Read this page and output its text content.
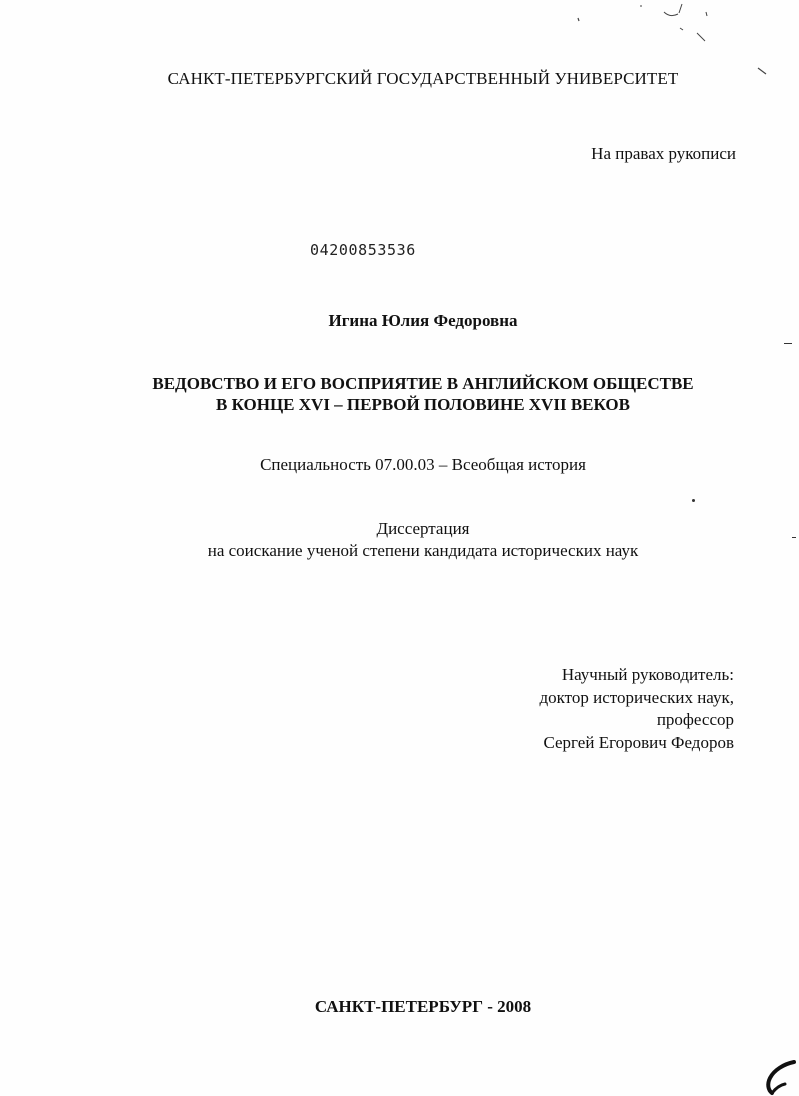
САНКТ-ПЕТЕРБУРГСКИЙ ГОСУДАРСТВЕННЫЙ УНИВЕРСИТЕТ
На правах рукописи
04200853536
Игина Юлия Федоровна
ВЕДОВСТВО И ЕГО ВОСПРИЯТИЕ В АНГЛИЙСКОМ ОБЩЕСТВЕ
В КОНЦЕ XVI – ПЕРВОЙ ПОЛОВИНЕ XVII ВЕКОВ
Специальность 07.00.03 – Всеобщая история
Диссертация
на соискание ученой степени кандидата исторических наук
Научный руководитель:
доктор исторических наук,
профессор
Сергей Егорович Федоров
САНКТ-ПЕТЕРБУРГ - 2008
